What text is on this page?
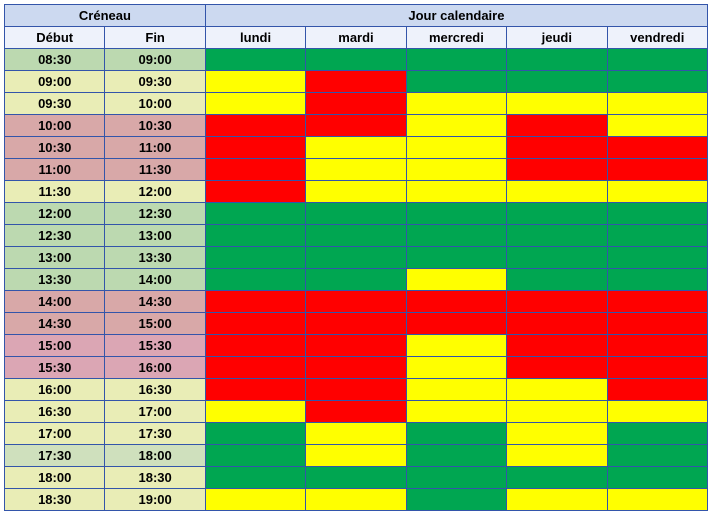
Créneau		Jour calendaire				
Début	Fin	lundi	mardi	mercredi	jeudi	vendredi
08:30	09:00					
09:00	09:30					
09:30	10:00					
10:00	10:30					
10:30	11:00					
11:00	11:30					
11:30	12:00					
12:00	12:30					
12:30	13:00					
13:00	13:30					
13:30	14:00					
14:00	14:30					
14:30	15:00					
15:00	15:30					
15:30	16:00					
16:00	16:30					
16:30	17:00					
17:00	17:30					
17:30	18:00					
18:00	18:30					
18:30	19:00					
